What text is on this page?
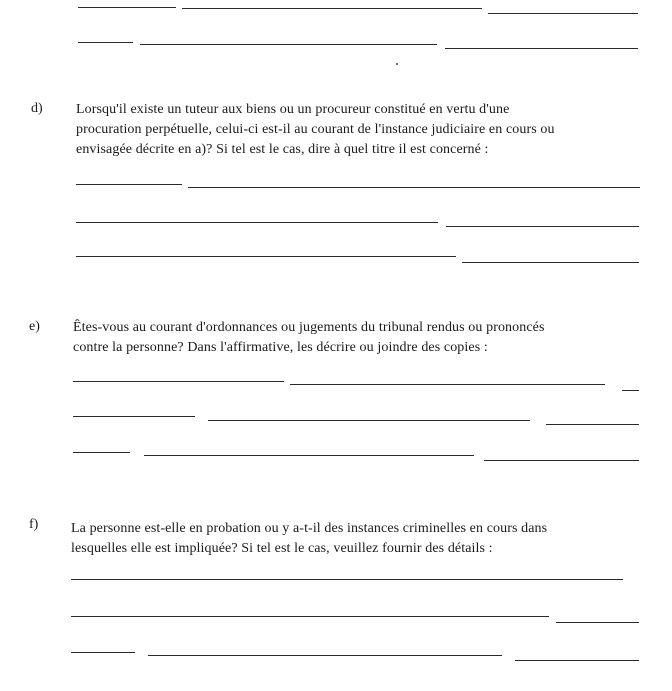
d) Lorsqu'il existe un tuteur aux biens ou un procureur constitué en vertu d'une
procuration perpétuelle, celui-ci est-il au courant de l'instance judiciaire en cours ou
envisagée décrite en a)? Si tel est le cas, dire à quel titre il est concerné :
e) Êtes-vous au courant d'ordonnances ou jugements du tribunal rendus ou prononcés
contre la personne? Dans l'affirmative, les décrire ou joindre des copies :
f) La personne est-elle en probation ou y a-t-il des instances criminelles en cours dans
lesquelles elle est impliquée? Si tel est le cas, veuillez fournir des détails :
